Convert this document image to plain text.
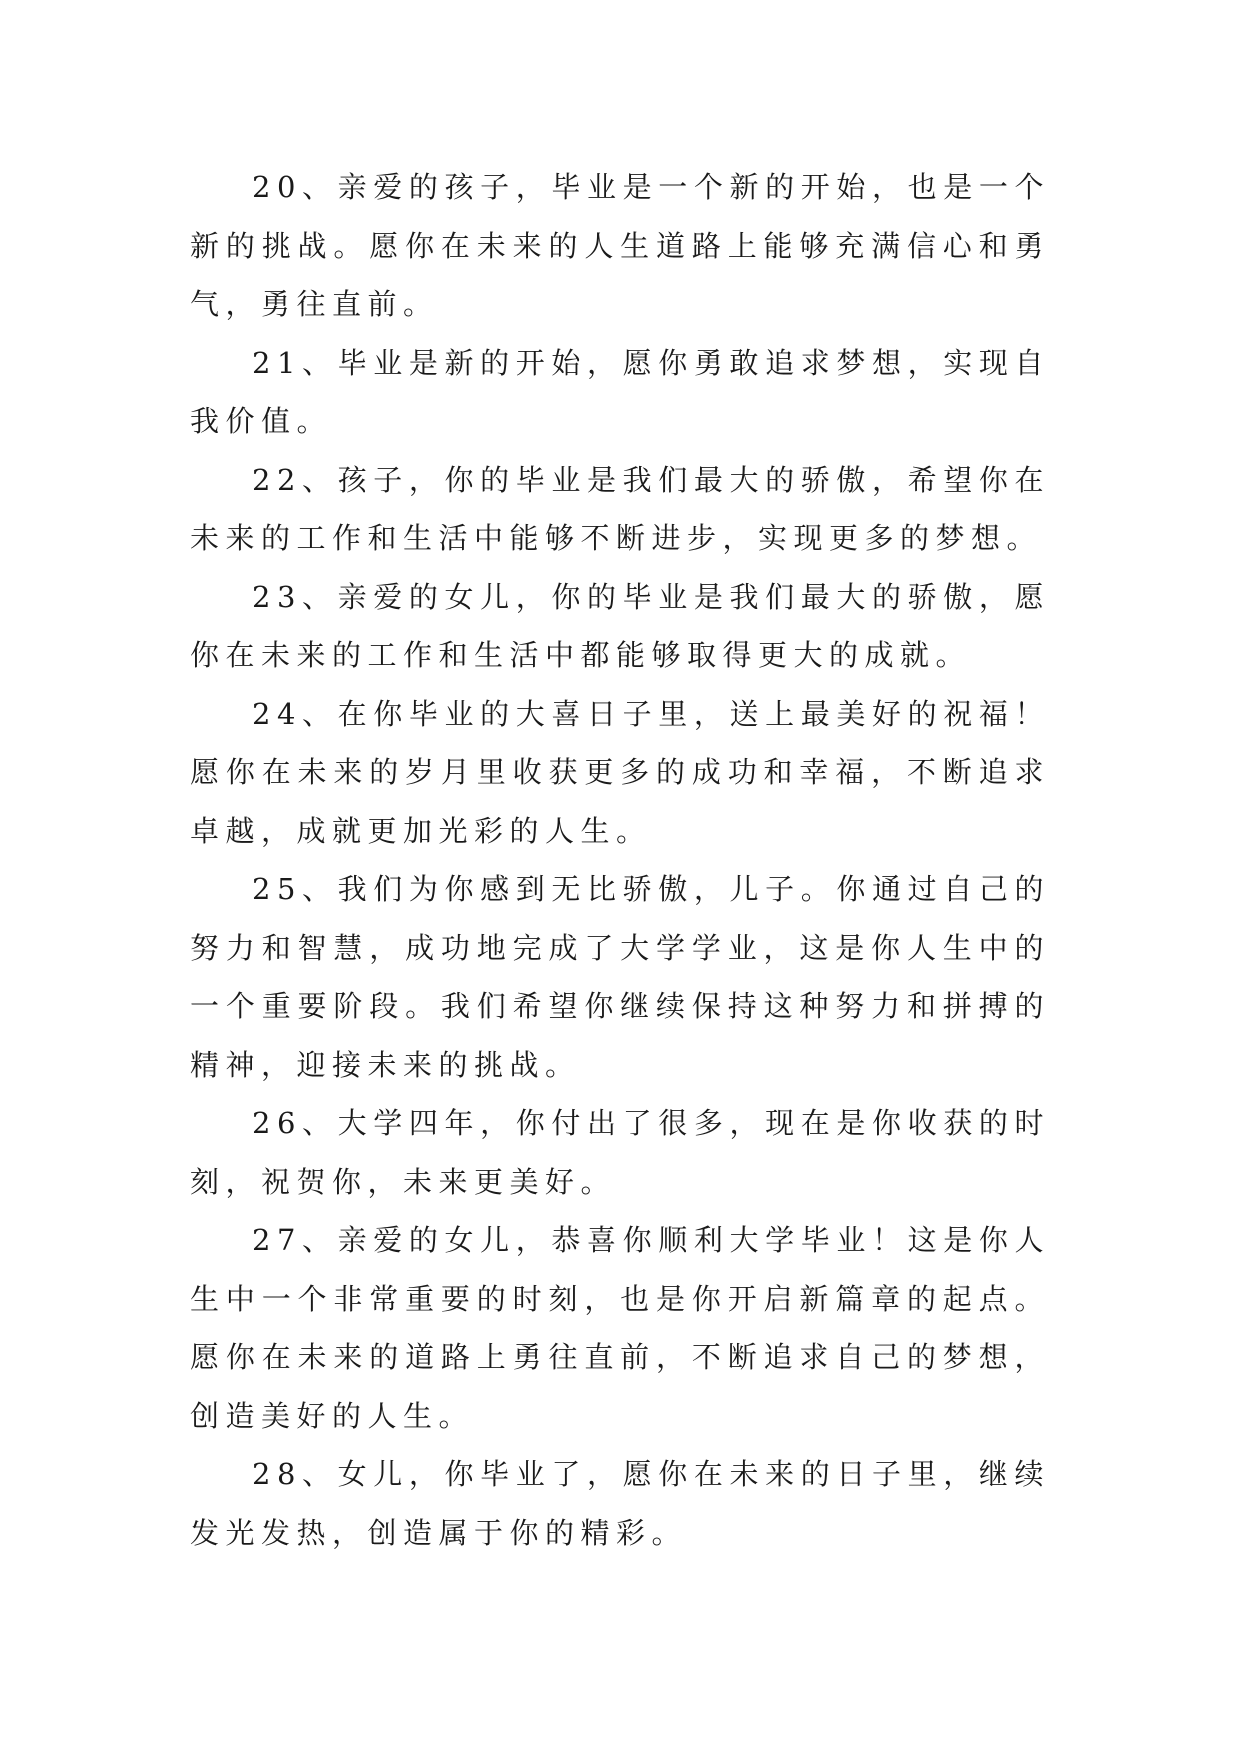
20、亲爱的孩子，毕业是一个新的开始，也是一个新的挑战。愿你在未来的人生道路上能够充满信心和勇气，勇往直前。

21、毕业是新的开始，愿你勇敢追求梦想，实现自我价值。

22、孩子，你的毕业是我们最大的骄傲，希望你在未来的工作和生活中能够不断进步，实现更多的梦想。

23、亲爱的女儿，你的毕业是我们最大的骄傲，愿你在未来的工作和生活中都能够取得更大的成就。

24、在你毕业的大喜日子里，送上最美好的祝福！愿你在未来的岁月里收获更多的成功和幸福，不断追求卓越，成就更加光彩的人生。

25、我们为你感到无比骄傲，儿子。你通过自己的努力和智慧，成功地完成了大学学业，这是你人生中的一个重要阶段。我们希望你继续保持这种努力和拼搏的精神，迎接未来的挑战。

26、大学四年，你付出了很多，现在是你收获的时刻，祝贺你，未来更美好。

27、亲爱的女儿，恭喜你顺利大学毕业！这是你人生中一个非常重要的时刻，也是你开启新篇章的起点。愿你在未来的道路上勇往直前，不断追求自己的梦想，创造美好的人生。

28、女儿，你毕业了，愿你在未来的日子里，继续发光发热，创造属于你的精彩。
